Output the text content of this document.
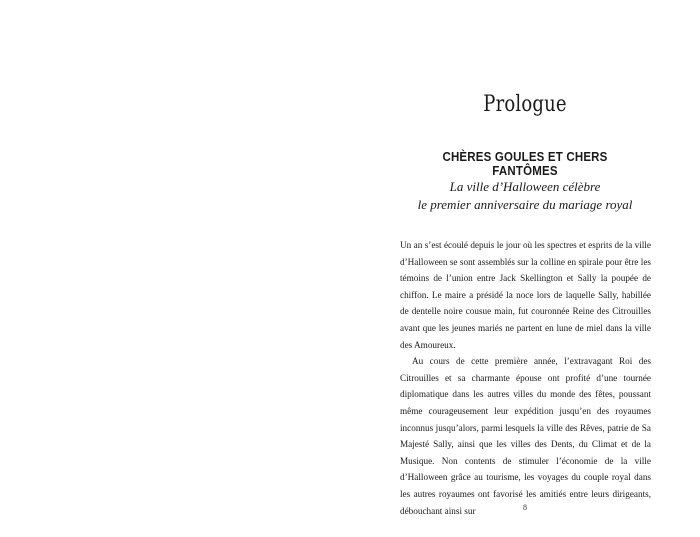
Prologue
CHÈRES GOULES ET CHERS FANTÔMES
La ville d’Halloween célèbre
le premier anniversaire du mariage royal

Un an s’est écoulé depuis le jour où les spectres et esprits de la ville d’Halloween se sont assemblés sur la colline en spirale pour être les témoins de l’union entre Jack Skellington et Sally la poupée de chiffon. Le maire a présidé la noce lors de laquelle Sally, habillée de dentelle noire cousue main, fut couronnée Reine des Citrouilles avant que les jeunes mariés ne partent en lune de miel dans la ville des Amoureux.

Au cours de cette première année, l’extravagant Roi des Citrouilles et sa charmante épouse ont profité d’une tournée diplomatique dans les autres villes du monde des fêtes, poussant même courageusement leur expédition jusqu’en des royaumes inconnus jusqu’alors, parmi lesquels la ville des Rêves, patrie de Sa Majesté Sally, ainsi que les villes des Dents, du Climat et de la Musique. Non contents de stimuler l’économie de la ville d’Halloween grâce au tourisme, les voyages du couple royal dans les autres royaumes ont favorisé les amitiés entre leurs dirigeants, débouchant ainsi sur	8
